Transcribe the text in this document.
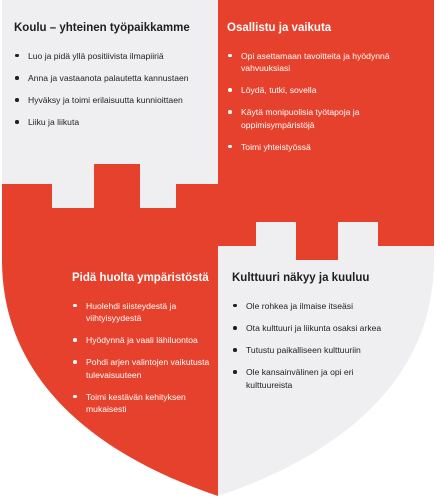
Koulu – yhteinen työpaikkamme
Luo ja pidä yllä positiivista ilmapiiriä
Anna ja vastaanota palautetta kannustaen
Hyväksy ja toimi erilaisuutta kunnioittaen
Liiku ja liikuta
Osallistu ja vaikuta
Opi asettamaan tavoitteita ja hyödynnä vahvuuksiasi
Löydä, tutki, sovella
Käytä monipuolisia työtapoja ja oppimisympäristöjä
Toimi yhteistyössä
Pidä huolta ympäristöstä
Huolehdi siisteydestä ja viihtyisyydestä
Hyödynnä ja vaali lähiluontoa
Pohdi arjen valintojen vaikutusta tulevaisuuteen
Toimi kestävän kehityksen mukaisesti
Kulttuuri näkyy ja kuuluu
Ole rohkea ja ilmaise itseäsi
Ota kulttuuri ja liikunta osaksi arkea
Tutustu paikalliseen kulttuuriin
Ole kansainvälinen ja opi eri kulttuureista
